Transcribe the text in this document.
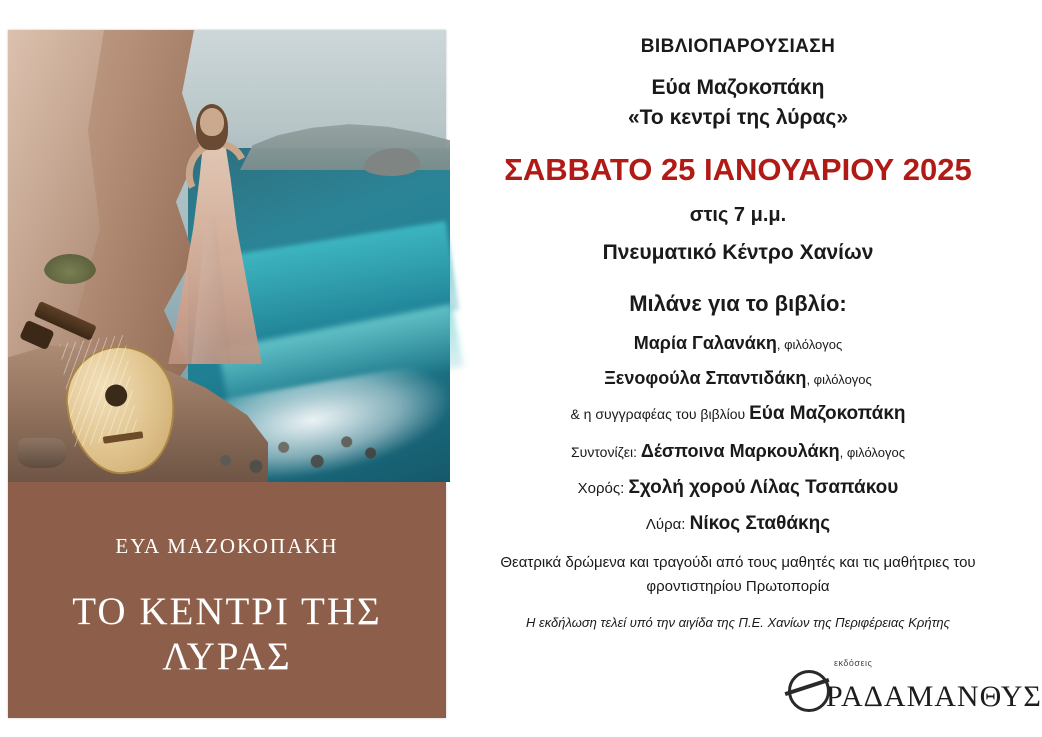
ΕΥΑ ΜΑΖΟΚΟΠΑΚΗ
ΤΟ ΚΕΝΤΡΙ ΤΗΣ ΛΥΡΑΣ
ΡΑΔΑΜΑΝΘΥΣ

ΒΙΒΛΙΟΠΑΡΟΥΣΙΑΣΗ

Εύα Μαζοκοπάκη

«Το κεντρί της λύρας»

ΣΑΒΒΑΤΟ 25 ΙΑΝΟΥΑΡΙΟΥ 2025

στις 7 μ.μ.

Πνευματικό Κέντρο Χανίων

Μιλάνε για το βιβλίο:

Μαρία Γαλανάκη, φιλόλογος

Ξενοφούλα Σπαντιδάκη, φιλόλογος

& η συγγραφέας του βιβλίου Εύα Μαζοκοπάκη

Συντονίζει: Δέσποινα Μαρκουλάκη, φιλόλογος

Χορός: Σχολή χορού Λίλας Τσαπάκου

Λύρα: Νίκος Σταθάκης

Θεατρικά δρώμενα και τραγούδι από τους μαθητές και τις μαθήτριες του φροντιστηρίου Πρωτοπορία

Η εκδήλωση τελεί υπό την αιγίδα της Π.Ε. Χανίων της Περιφέρειας Κρήτης

εκδόσεις
ΡΑΔΑΜΑΝΘΥΣ
